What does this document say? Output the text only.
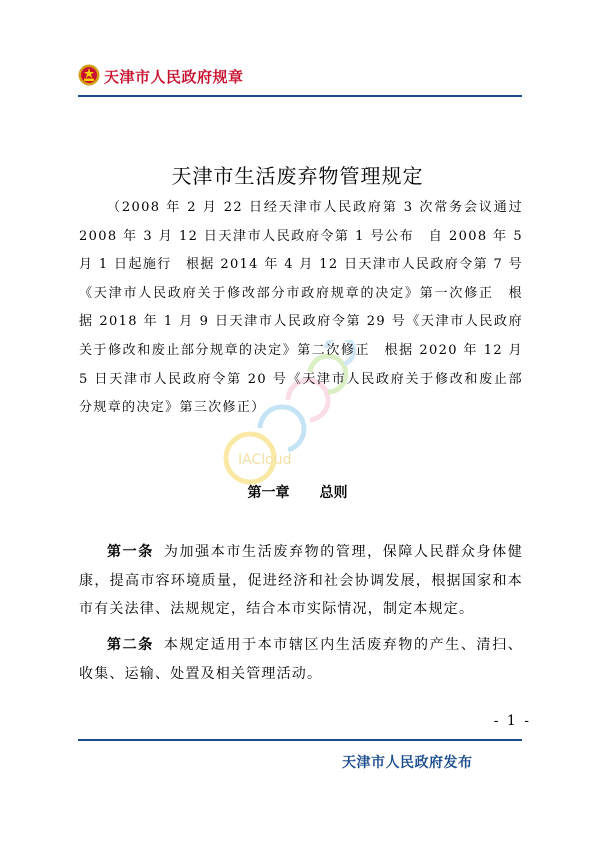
天津市人民政府规章
IACloud
天津市生活废弃物管理规定
（2008 年 2 月 22 日经天津市人民政府第 3 次常务会议通过　2008 年 3 月 12 日天津市人民政府令第 1 号公布　自 2008 年 5 月 1 日起施行　根据 2014 年 4 月 12 日天津市人民政府令第 7 号《天津市人民政府关于修改部分市政府规章的决定》第一次修正　根据 2018 年 1 月 9 日天津市人民政府令第 29 号《天津市人民政府关于修改和废止部分规章的决定》第二次修正　根据 2020 年 12 月 5 日天津市人民政府令第 20 号《天津市人民政府关于修改和废止部分规章的决定》第三次修正）
第一章 总则
第一条 为加强本市生活废弃物的管理，保障人民群众身体健康，提高市容环境质量，促进经济和社会协调发展，根据国家和本市有关法律、法规规定，结合本市实际情况，制定本规定。
第二条 本规定适用于本市辖区内生活废弃物的产生、清扫、收集、运输、处置及相关管理活动。
- 1 -
天津市人民政府发布
